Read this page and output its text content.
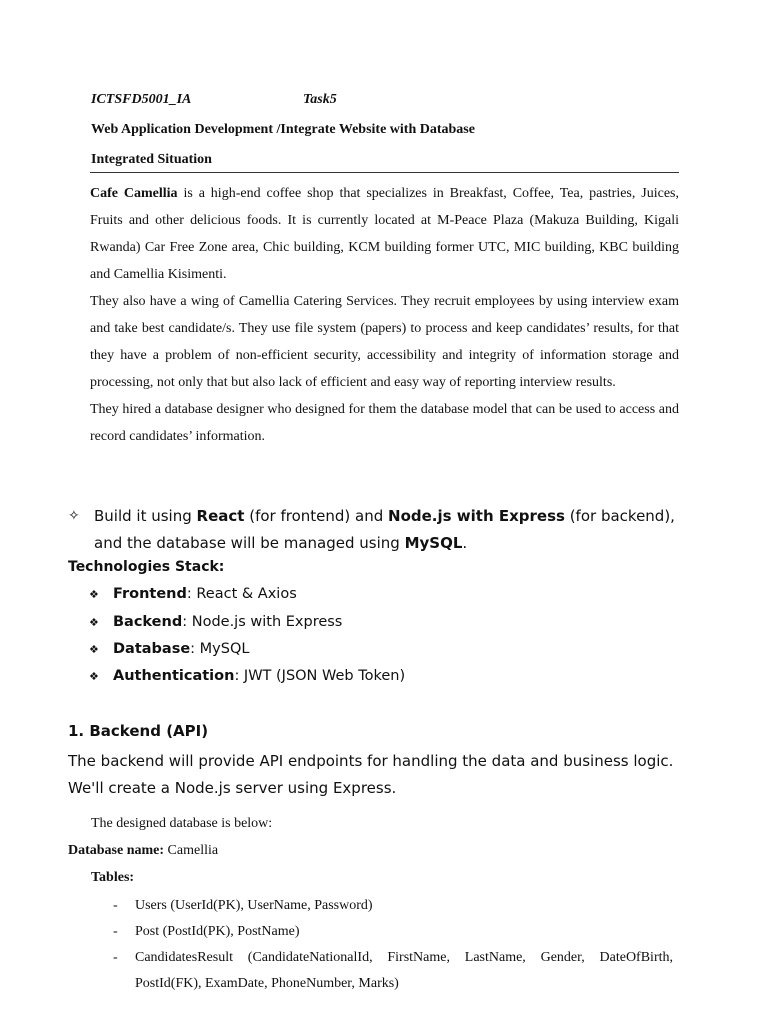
ICTSFD5001_IA	Task5
Web Application Development /Integrate Website with Database
Integrated Situation

Cafe Camellia is a high-end coffee shop that specializes in Breakfast, Coffee, Tea, pastries, Juices, Fruits and other delicious foods. It is currently located at M-Peace Plaza (Makuza Building, Kigali Rwanda) Car Free Zone area, Chic building, KCM building former UTC, MIC building, KBC building and Camellia Kisimenti.

They also have a wing of Camellia Catering Services. They recruit employees by using interview exam and take best candidate/s. They use file system (papers) to process and keep candidates’ results, for that they have a problem of non-efficient security, accessibility and integrity of information storage and processing, not only that but also lack of efficient and easy way of reporting interview results.

They hired a database designer who designed for them the database model that can be used to access and record candidates’ information.

✧ Build it using React (for frontend) and Node.js with Express (for backend), and the database will be managed using MySQL.
Technologies Stack:
❖ Frontend: React & Axios
❖ Backend: Node.js with Express
❖ Database: MySQL
❖ Authentication: JWT (JSON Web Token)
1. Backend (API)
The backend will provide API endpoints for handling the data and business logic. We'll create a Node.js server using Express.
The designed database is below:
Database name: Camellia
Tables:
- Users (UserId(PK), UserName, Password)
- Post (PostId(PK), PostName)
- CandidatesResult (CandidateNationalId, FirstName, LastName, Gender, DateOfBirth, PostId(FK), ExamDate, PhoneNumber, Marks)
